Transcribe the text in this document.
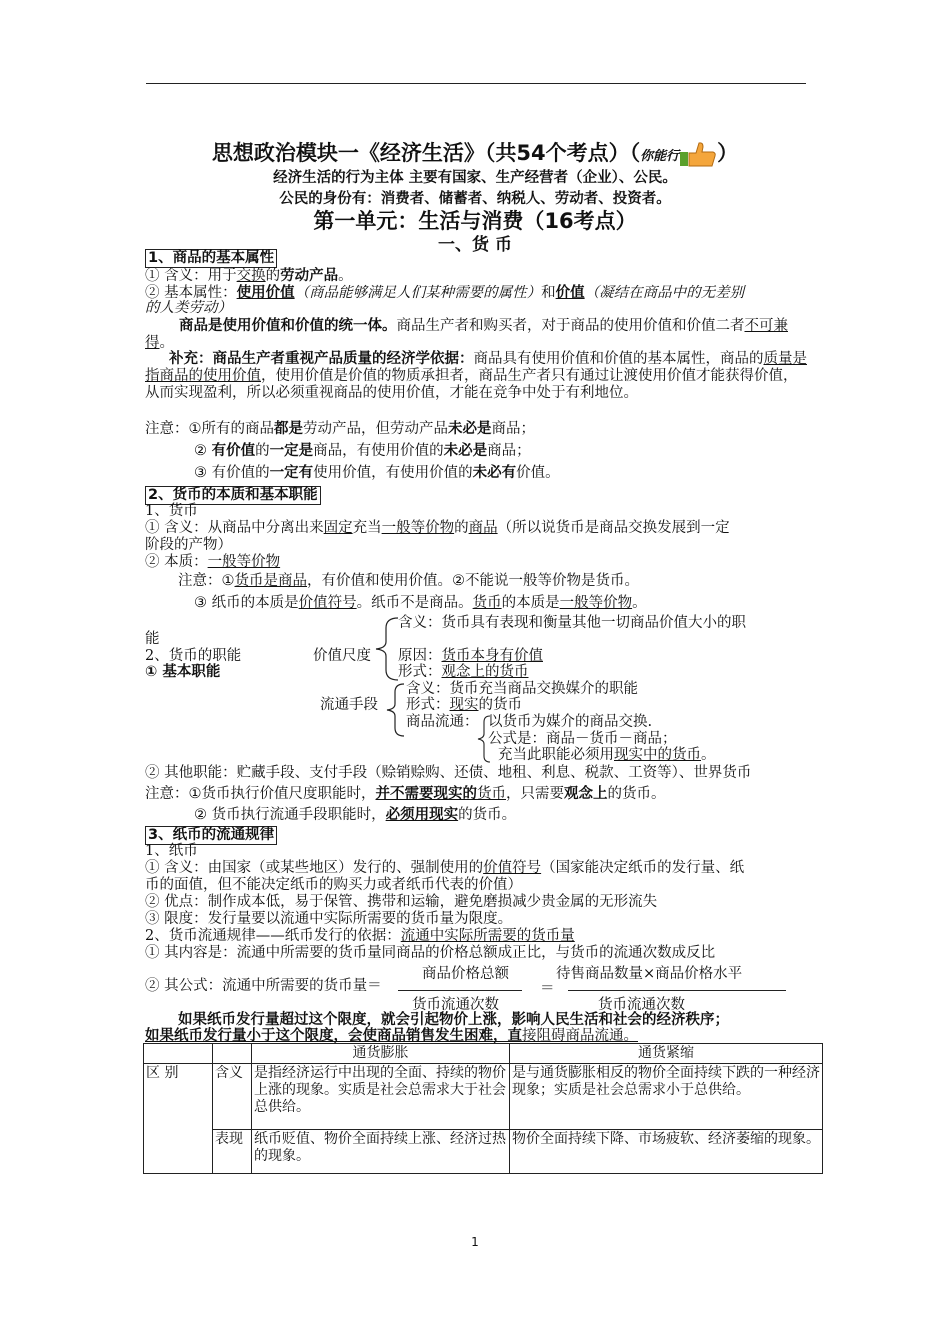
思想政治模块一《经济生活》（共54个考点）（你能行 ）
经济生活的行为主体 主要有国家、生产经营者（企业）、公民。
公民的身份有：消费者、储蓄者、纳税人、劳动者、投资者。
第一单元：生活与消费（16考点）
一、货 币
1、商品的基本属性
① 含义：用于交换的劳动产品。
② 基本属性：使用价值（商品能够满足人们某种需要的属性）和价值（凝结在商品中的无差别
的人类劳动）
商品是使用价值和价值的统一体。商品生产者和购买者，对于商品的使用价值和价值二者不可兼得。
补充：商品生产者重视产品质量的经济学依据：商品具有使用价值和价值的基本属性，商品的质量是指商品的使用价值，使用价值是价值的物质承担者，商品生产者只有通过让渡使用价值才能获得价值，从而实现盈利，所以必须重视商品的使用价值，才能在竞争中处于有利地位。
注意：①所有的商品都是劳动产品，但劳动产品未必是商品；
② 有价值的一定是商品，有使用价值的未必是商品；
③ 有价值的一定有使用价值，有使用价值的未必有价值。
2、货币的本质和基本职能
1、货币
① 含义：从商品中分离出来固定充当一般等价物的商品（所以说货币是商品交换发展到一定
阶段的产物）
② 本质：一般等价物
注意：①货币是商品，有价值和使用价值。②不能说一般等价物是货币。
③ 纸币的本质是价值符号。纸币不是商品。货币的本质是一般等价物。
含义：货币具有表现和衡量其他一切商品价值大小的职
能
2、货币的职能	价值尺度 原因：货币本身有价值
① 基本职能	形式：观念上的货币
含义：货币充当商品交换媒介的职能
流通手段 形式：现实的货币
商品流通： 以货币为媒介的商品交换.
公式是：商品－货币－商品；
充当此职能必须用现实中的货币。
② 其他职能：贮藏手段、支付手段（赊销赊购、还债、地租、利息、税款、工资等）、世界货币
注意：①货币执行价值尺度职能时，并不需要现实的货币，只需要观念上的货币。
② 货币执行流通手段职能时，必须用现实的货币。
3、纸币的流通规律
1、纸币
① 含义：由国家（或某些地区）发行的、强制使用的价值符号（国家能决定纸币的发行量、纸
币的面值，但不能决定纸币的购买力或者纸币代表的价值）
② 优点：制作成本低，易于保管、携带和运输，避免磨损减少贵金属的无形流失
③ 限度：发行量要以流通中实际所需要的货币量为限度。
2、货币流通规律——纸币发行的依据：流通中实际所需要的货币量
① 其内容是：流通中所需要的货币量同商品的价格总额成正比，与货币的流通次数成反比
商品价格总额
货币流通次数
② 其公式：流通中所需要的货币量＝	＝
待售商品数量×商品价格水平
货币流通次数
如果纸币发行量超过这个限度，就会引起物价上涨，影响人民生活和社会的经济秩序；
如果纸币发行量小于这个限度，会使商品销售发生困难，直接阻碍商品流通。
		通货膨胀	通货紧缩
区 别	含义	是指经济运行中出现的全面、持续的物价上涨的现象。实质是社会总需求大于社会总供给。	是与通货膨胀相反的物价全面持续下跌的一种经济现象；实质是社会总需求小于总供给。
	表现	纸币贬值、物价全面持续上涨、经济过热的现象。	物价全面持续下降、市场疲软、经济萎缩的现象。
1
